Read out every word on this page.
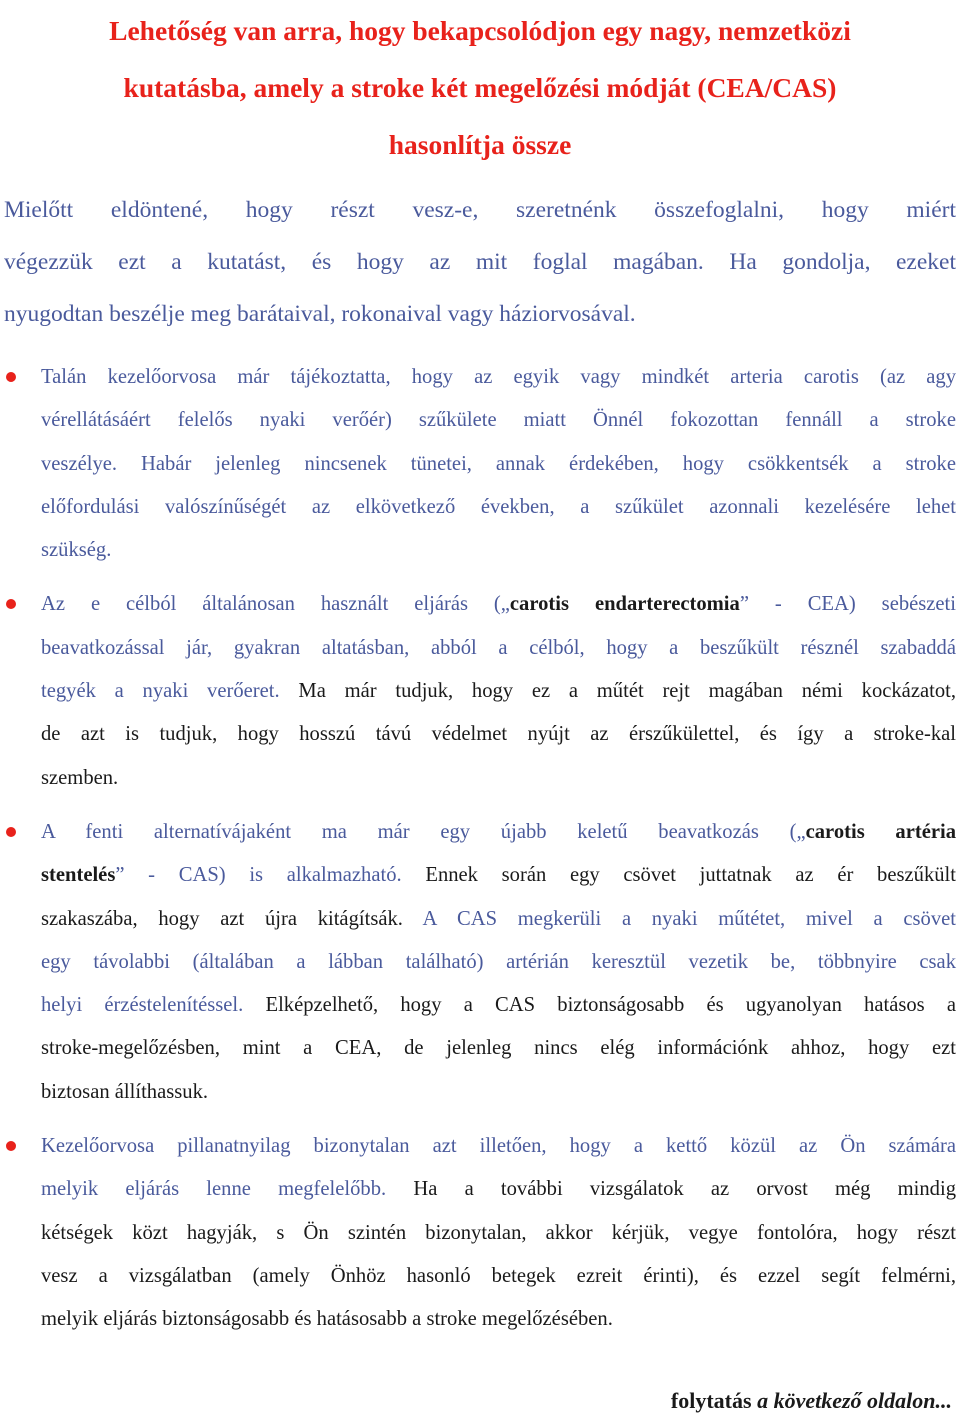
Lehetőség van arra, hogy bekapcsolódjon egy nagy, nemzetközi
kutatásba, amely a stroke két megelőzési módját (CEA/CAS)
hasonlítja össze

Mielőtt eldöntené, hogy részt vesz-e, szeretnénk összefoglalni, hogy miért
végezzük ezt a kutatást, és hogy az mit foglal magában. Ha gondolja, ezeket
nyugodtan beszélje meg barátaival, rokonaival vagy háziorvosával.

Talán kezelőorvosa már tájékoztatta, hogy az egyik vagy mindkét arteria carotis (az agy
vérellátásáért felelős nyaki verőér) szűkülete miatt Önnél fokozottan fennáll a stroke
veszélye. Habár jelenleg nincsenek tünetei, annak érdekében, hogy csökkentsék a stroke
előfordulási valószínűségét az elkövetkező években, a szűkület azonnali kezelésére lehet
szükség.
Az e célból általánosan használt eljárás („carotis endarterectomia” - CEA) sebészeti
beavatkozással jár, gyakran altatásban, abból a célból, hogy a beszűkült résznél szabaddá
tegyék a nyaki verőeret. Ma már tudjuk, hogy ez a műtét rejt magában némi kockázatot,
de azt is tudjuk, hogy hosszú távú védelmet nyújt az érszűkülettel, és így a stroke-kal
szemben.
A fenti alternatívájaként ma már egy újabb keletű beavatkozás („carotis artéria
stentelés” - CAS) is alkalmazható. Ennek során egy csövet juttatnak az ér beszűkült
szakaszába, hogy azt újra kitágítsák. A CAS megkerüli a nyaki műtétet, mivel a csövet
egy távolabbi (általában a lábban található) artérián keresztül vezetik be, többnyire csak
helyi érzéstelenítéssel. Elképzelhető, hogy a CAS biztonságosabb és ugyanolyan hatásos a
stroke-megelőzésben, mint a CEA, de jelenleg nincs elég információnk ahhoz, hogy ezt
biztosan állíthassuk.
Kezelőorvosa pillanatnyilag bizonytalan azt illetően, hogy a kettő közül az Ön számára
melyik eljárás lenne megfelelőbb. Ha a további vizsgálatok az orvost még mindig
kétségek közt hagyják, s Ön szintén bizonytalan, akkor kérjük, vegye fontolóra, hogy részt
vesz a vizsgálatban (amely Önhöz hasonló betegek ezreit érinti), és ezzel segít felmérni,
melyik eljárás biztonságosabb és hatásosabb a stroke megelőzésében.
folytatás a következő oldalon...
